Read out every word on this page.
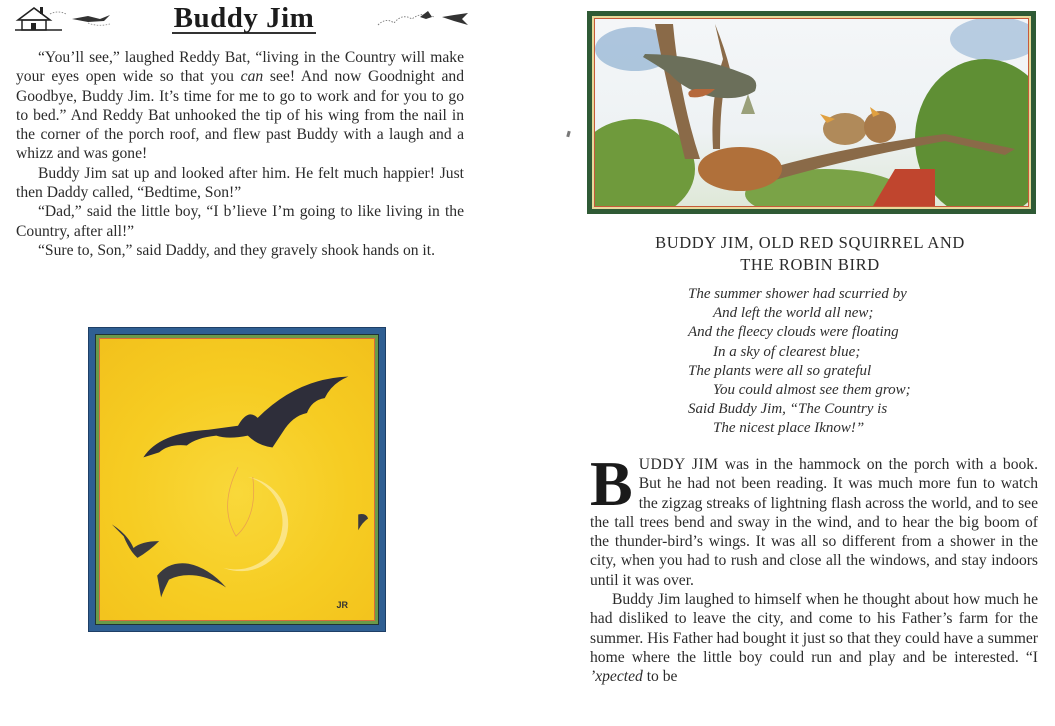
Buddy Jim

“You’ll see,” laughed Reddy Bat, “living in the Country will make your eyes open wide so that you can see! And now Goodnight and Goodbye, Buddy Jim. It’s time for me to go to work and for you to go to bed.” And Reddy Bat unhooked the tip of his wing from the nail in the corner of the porch roof, and flew past Buddy with a laugh and a whizz and was gone!

Buddy Jim sat up and looked after him. He felt much happier! Just then Daddy called, “Bedtime, Son!”

“Dad,” said the little boy, “I b’lieve I’m going to like living in the Country, after all!”

“Sure to, Son,” said Daddy, and they gravely shook hands on it.

JR
BUDDY JIM, OLD RED SQUIRREL AND
THE ROBIN BIRD
The summer shower had scurried by
And left the world all new;
And the fleecy clouds were floating
In a sky of clearest blue;
The plants were all so grateful
You could almost see them grow;
Said Buddy Jim, “The Country is
The nicest place Iknow!”

BUDDY JIM was in the hammock on the porch with a book. But he had not been reading. It was much more fun to watch the zigzag streaks of lightning flash across the world, and to see the tall trees bend and sway in the wind, and to hear the big boom of the thunder-bird’s wings. It was all so different from a shower in the city, when you had to rush and close all the windows, and stay indoors until it was over.

Buddy Jim laughed to himself when he thought about how much he had disliked to leave the city, and come to his Father’s farm for the summer. His Father had bought it just so that they could have a summer home where the little boy could run and play and be interested. “I ’xpected to be
